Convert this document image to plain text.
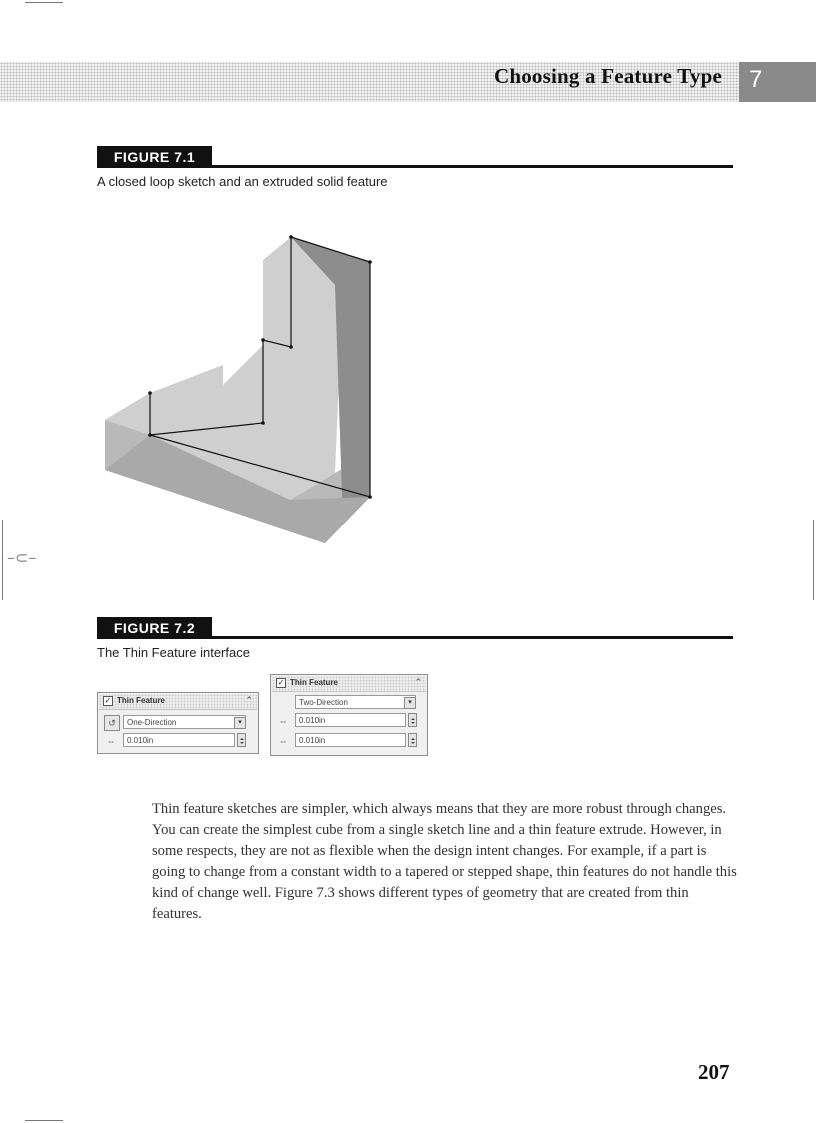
–⊂–
Choosing a Feature Type 7
FIGURE 7.1
A closed loop sketch and an extruded solid feature
FIGURE 7.2
The Thin Feature interface
✓ Thin Feature	⌃
↺	One-Direction	▾
⇔	0.010in
✓ Thin Feature	⌃
Two-Direction	▾
⇔	0.010in
⇔	0.010in
Thin feature sketches are simpler, which always means that they are more robust through changes. You can create the simplest cube from a single sketch line and a thin feature extrude. However, in some respects, they are not as flexible when the design intent changes. For example, if a part is going to change from a constant width to a tapered or stepped shape, thin features do not handle this kind of change well. Figure 7.3 shows different types of geometry that are created from thin features.
207
